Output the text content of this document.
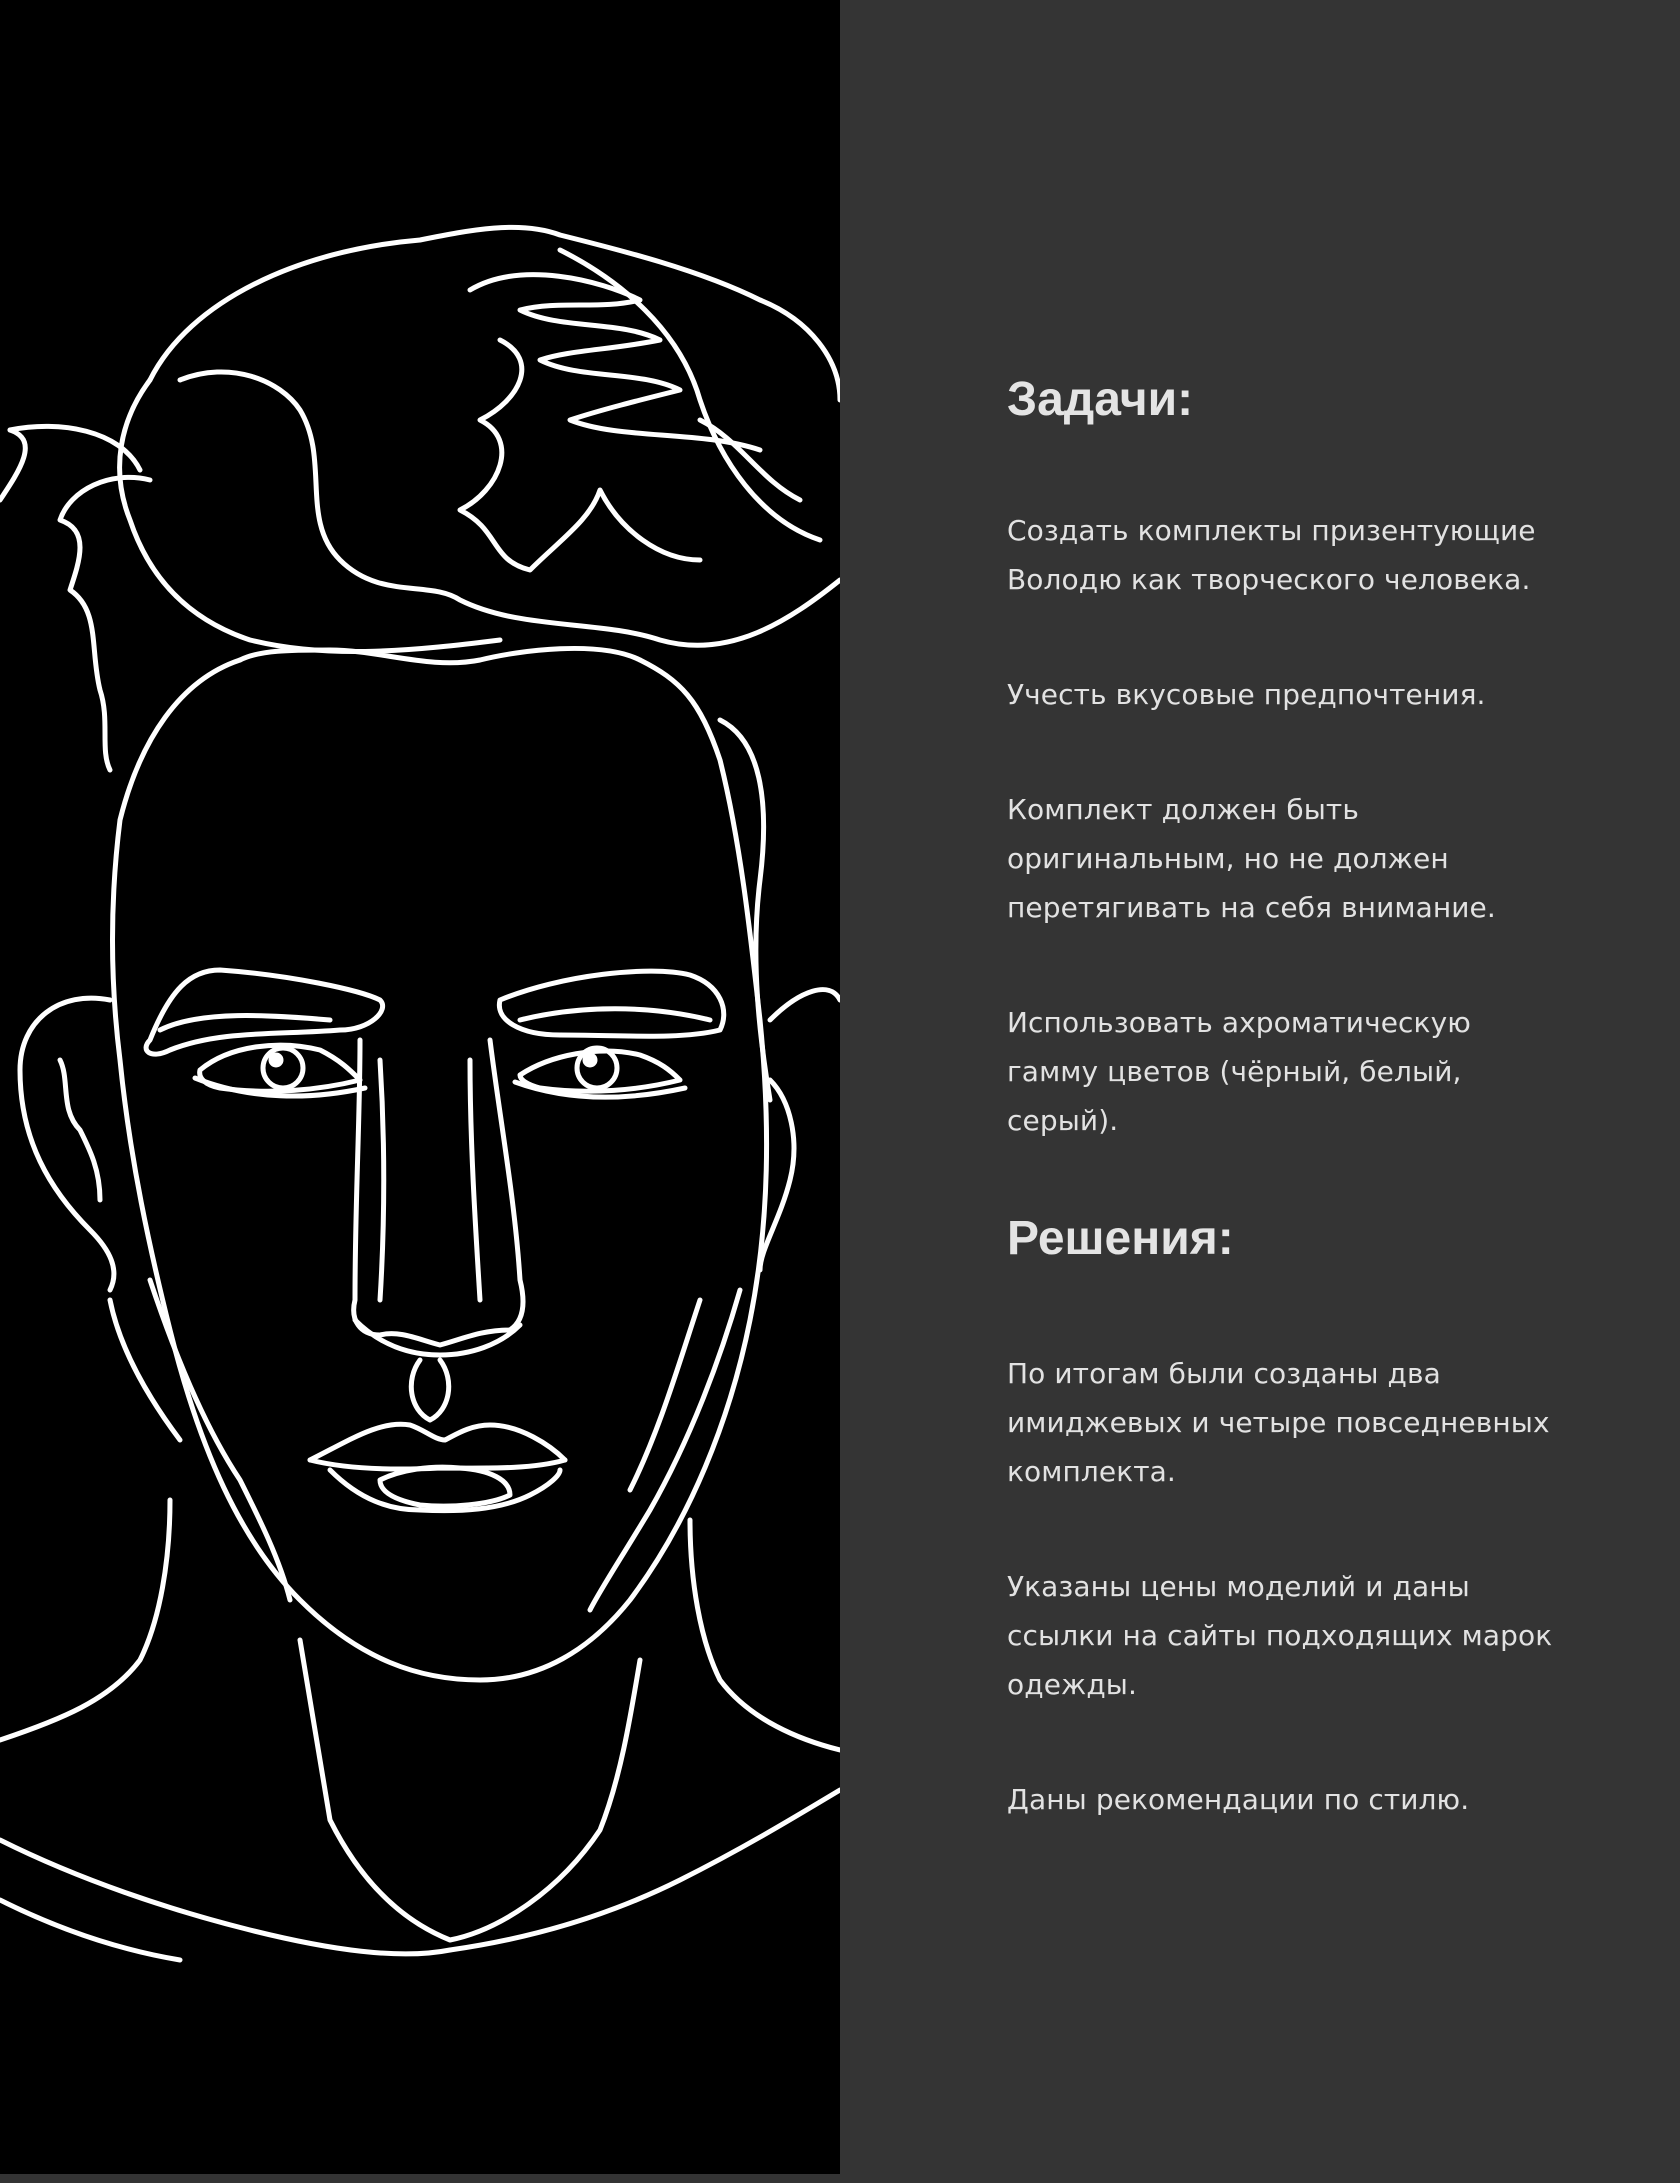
Задачи:

Создать комплекты призентующие
Володю как творческого человека.

Учесть вкусовые предпочтения.

Комплект должен быть
оригинальным, но не должен
перетягивать на себя внимание.

Использовать ахроматическую
гамму цветов (чёрный, белый,
серый).

Решения:

По итогам были созданы два
имиджевых и четыре повседневных
комплекта.

Указаны цены моделий и даны
ссылки на сайты подходящих марок
одежды.

Даны рекомендации по стилю.
